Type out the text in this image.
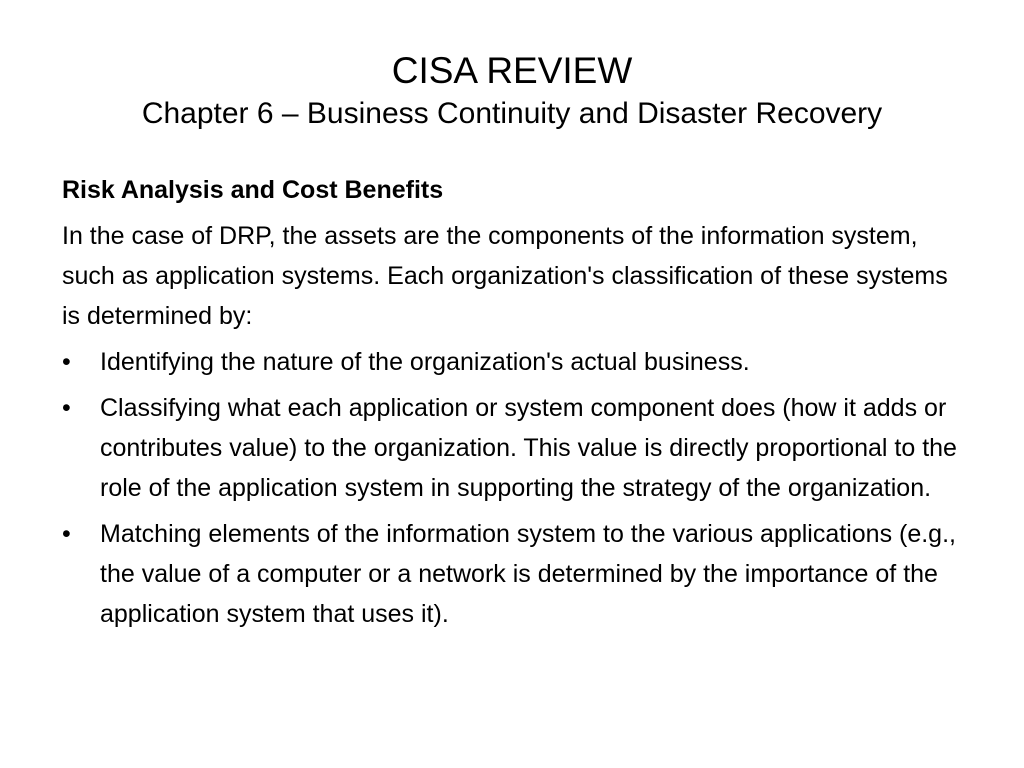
CISA REVIEW
Chapter 6 – Business Continuity and Disaster Recovery

Risk Analysis and Cost Benefits

In the case of DRP, the assets are the components of the information system, such as application systems. Each organization's classification of these systems is determined by:

•	Identifying the nature of the organization's actual business.
•	Classifying what each application or system component does (how it adds or contributes value) to the organization. This value is directly proportional to the role of the application system in supporting the strategy of the organization.
•	Matching elements of the information system to the various applications (e.g., the value of a computer or a network is determined by the importance of the application system that uses it).
